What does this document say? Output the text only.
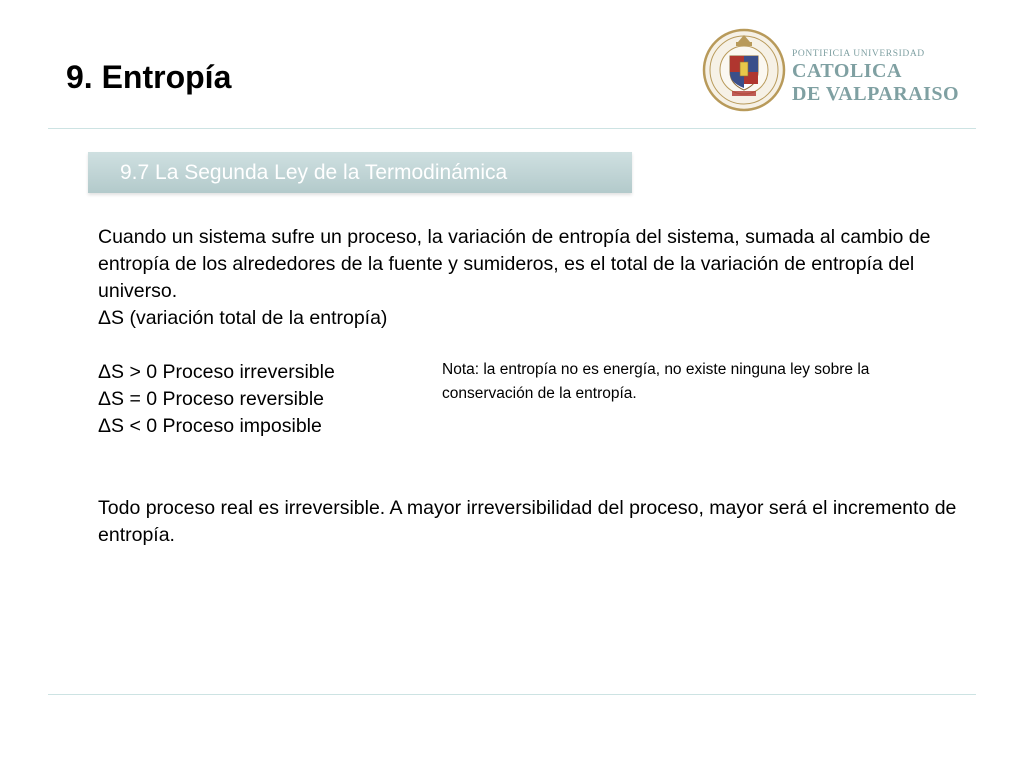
9. Entropía
PONTIFICIA UNIVERSIDAD
CATOLICA
DE VALPARAISO
9.7 La Segunda Ley de la Termodinámica

Cuando un sistema sufre un proceso, la variación de entropía del sistema, sumada al cambio de entropía de los alrededores de la fuente y sumideros, es el total de la variación de entropía del universo.

ΔS (variación total de la entropía)

ΔS > 0 Proceso irreversible
ΔS = 0 Proceso reversible
ΔS < 0 Proceso imposible

Nota: la entropía no es energía, no existe ninguna ley sobre la conservación de la entropía.

Todo proceso real es irreversible. A mayor irreversibilidad del proceso, mayor será el incremento de entropía.
